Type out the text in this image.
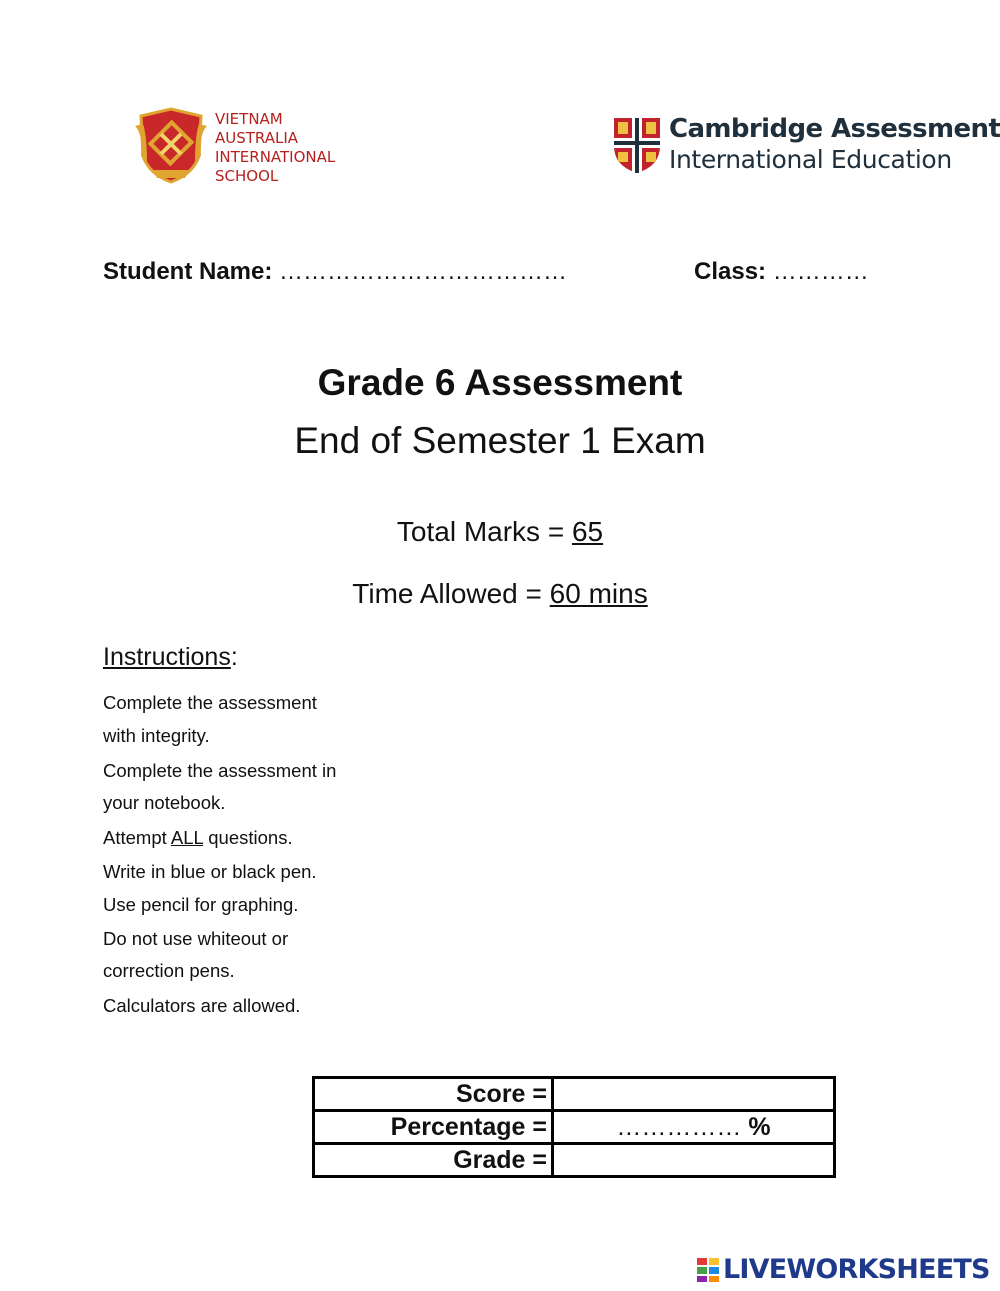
VIETNAM
AUSTRALIA
INTERNATIONAL
SCHOOL
Cambridge Assessment
International Education
Student Name: ………………………………	Class: …………
Grade 6 Assessment
End of Semester 1 Exam
Total Marks = 65
Time Allowed = 60 mins
Instructions:
Complete the assessment
with integrity.
Complete the assessment in
your notebook.
Attempt ALL questions.
Write in blue or black pen.
Use pencil for graphing.
Do not use whiteout or
correction pens.
Calculators are allowed.
Score =	
Percentage =	…………… %
Grade =	
LIVEWORKSHEETS
